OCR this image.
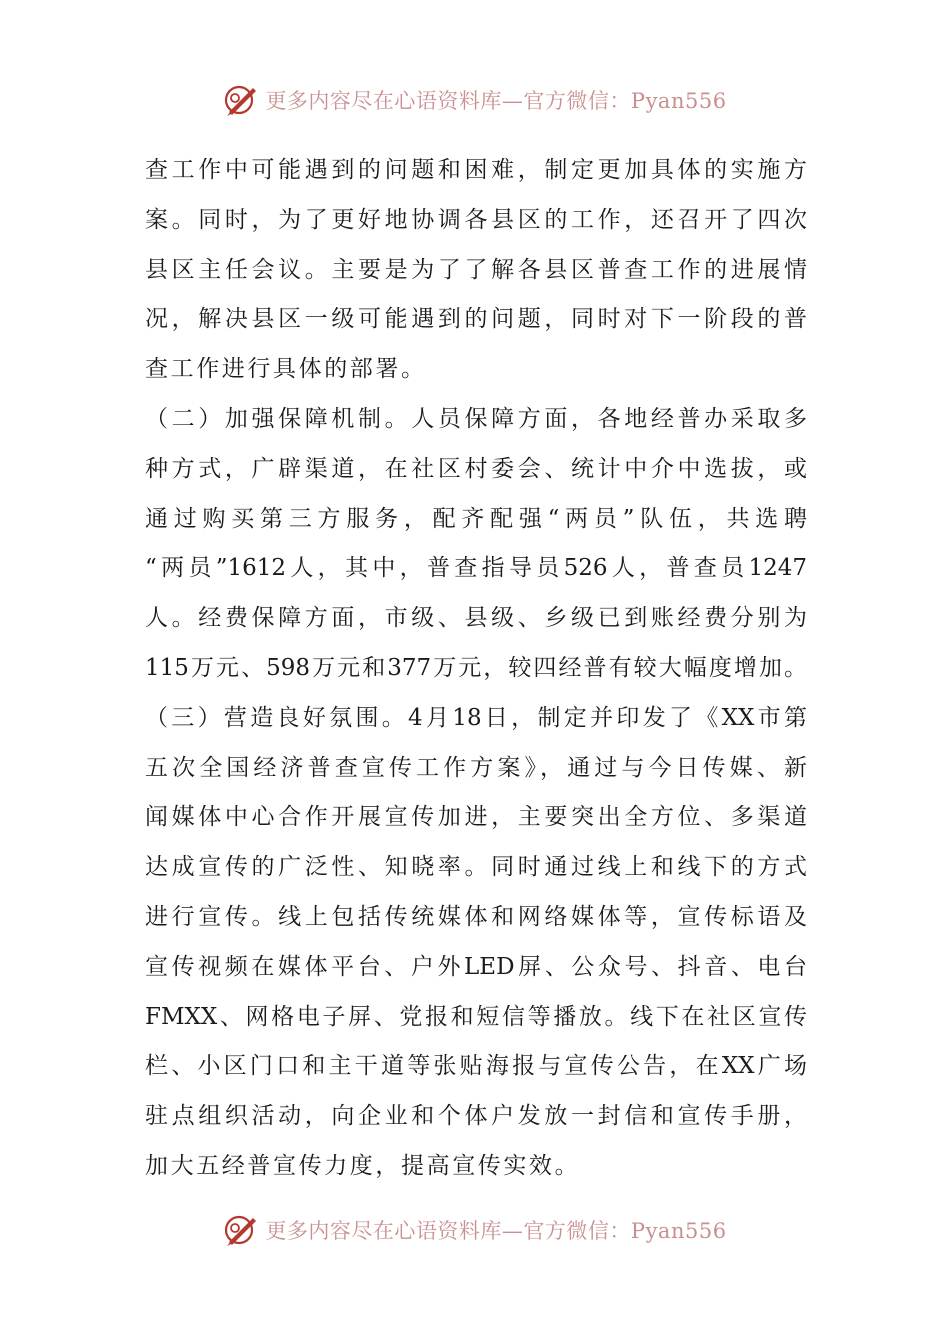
更多内容尽在心语资料库—官方微信：Pyan556
查工作中可能遇到的问题和困难，制定更加具体的实施方
案。同时，为了更好地协调各县区的工作，还召开了四次
县区主任会议。主要是为了了解各县区普查工作的进展情
况，解决县区一级可能遇到的问题，同时对下一阶段的普
查工作进行具体的部署。
（二）加强保障机制。人员保障方面，各地经普办采取多
种方式，广辟渠道，在社区村委会、统计中介中选拔，或
通过购买第三方服务，配齐配强“两员”队伍，共选聘
“两员”1612人，其中，普查指导员526人，普查员1247
人。经费保障方面，市级、县级、乡级已到账经费分别为
115万元、598万元和377万元，较四经普有较大幅度增加。
（三）营造良好氛围。4月18日，制定并印发了《XX市第
五次全国经济普查宣传工作方案》，通过与今日传媒、新
闻媒体中心合作开展宣传加进，主要突出全方位、多渠道
达成宣传的广泛性、知晓率。同时通过线上和线下的方式
进行宣传。线上包括传统媒体和网络媒体等，宣传标语及
宣传视频在媒体平台、户外LED屏、公众号、抖音、电台
FMXX、网格电子屏、党报和短信等播放。线下在社区宣传
栏、小区门口和主干道等张贴海报与宣传公告，在XX广场
驻点组织活动，向企业和个体户发放一封信和宣传手册，
加大五经普宣传力度，提高宣传实效。
更多内容尽在心语资料库—官方微信：Pyan556
